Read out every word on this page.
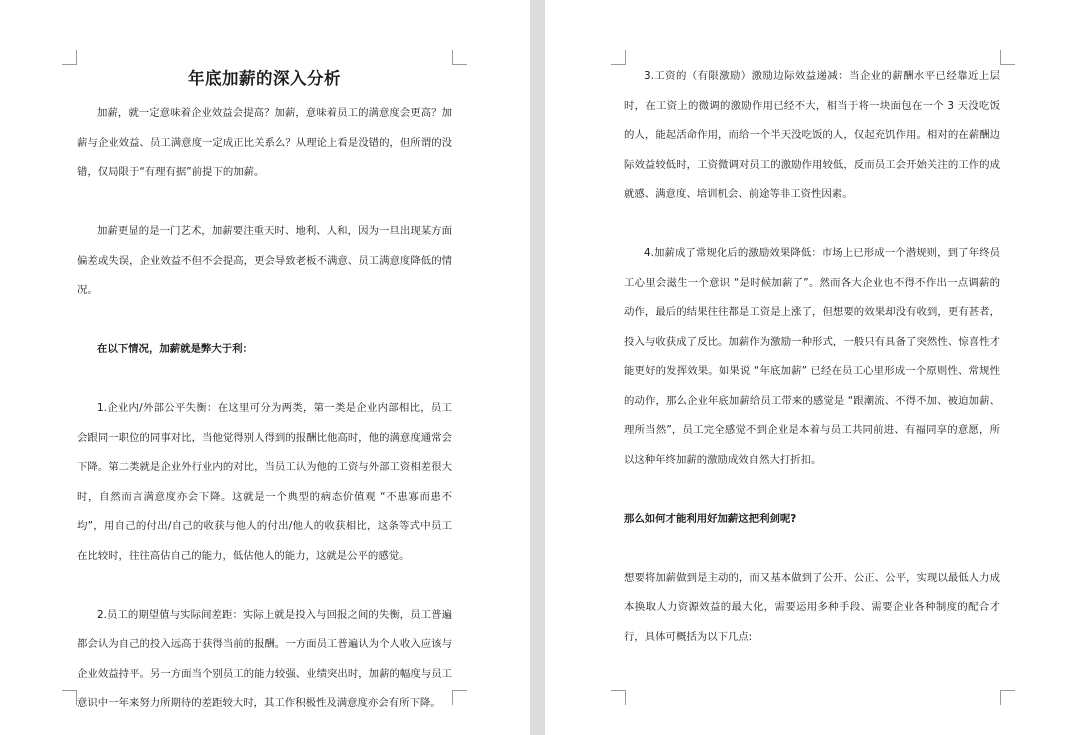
年底加薪的深入分析

加薪，就一定意味着企业效益会提高？加薪，意味着员工的满意度会更高？加薪与企业效益、员工满意度一定成正比关系么？从理论上看是没错的，但所谓的没错，仅局限于“有理有据”前提下的加薪。

加薪更显的是一门艺术，加薪要注重天时、地利、人和，因为一旦出现某方面偏差或失误，企业效益不但不会提高，更会导致老板不满意、员工满意度降低的情况。

在以下情况，加薪就是弊大于利：

1.企业内/外部公平失衡：在这里可分为两类，第一类是企业内部相比，员工会跟同一职位的同事对比，当他觉得别人得到的报酬比他高时，他的满意度通常会下降。第二类就是企业外行业内的对比，当员工认为他的工资与外部工资相差很大时，自然而言满意度亦会下降。这就是一个典型的病态价值观 “不患寡而患不均”，用自己的付出/自己的收获与他人的付出/他人的收获相比，这条等式中员工在比较时，往往高估自己的能力，低估他人的能力，这就是公平的感觉。

2.员工的期望值与实际间差距：实际上就是投入与回报之间的失衡，员工普遍都会认为自己的投入远高于获得当前的报酬。一方面员工普遍认为个人收入应该与企业效益持平。另一方面当个别员工的能力较强、业绩突出时，加薪的幅度与员工意识中一年来努力所期待的差距较大时，其工作积极性及满意度亦会有所下降。

3.工资的（有限激励）激励边际效益递减：当企业的薪酬水平已经靠近上层时，在工资上的微调的激励作用已经不大，相当于将一块面包在一个 3 天没吃饭的人，能起活命作用，而给一个半天没吃饭的人，仅起充饥作用。相对的在薪酬边际效益较低时，工资微调对员工的激励作用较低，反而员工会开始关注的工作的成就感、满意度、培训机会、前途等非工资性因素。

4.加薪成了常规化后的激励效果降低：市场上已形成一个潜规则，到了年终员工心里会滋生一个意识 “是时候加薪了”。然而各大企业也不得不作出一点调薪的动作，最后的结果往往都是工资是上涨了，但想要的效果却没有收到，更有甚者，投入与收获成了反比。加薪作为激励一种形式，一般只有具备了突然性、惊喜性才能更好的发挥效果。如果说 “年底加薪” 已经在员工心里形成一个原则性、常规性的动作，那么企业年底加薪给员工带来的感觉是 “跟潮流、不得不加、被迫加薪、理所当然”，员工完全感觉不到企业是本着与员工共同前进、有福同享的意愿，所以这种年终加薪的激励成效自然大打折扣。

那么如何才能利用好加薪这把利剑呢?

想要将加薪做到是主动的，而又基本做到了公开、公正、公平，实现以最低人力成本换取人力资源效益的最大化，需要运用多种手段、需要企业各种制度的配合才行，具体可概括为以下几点:
